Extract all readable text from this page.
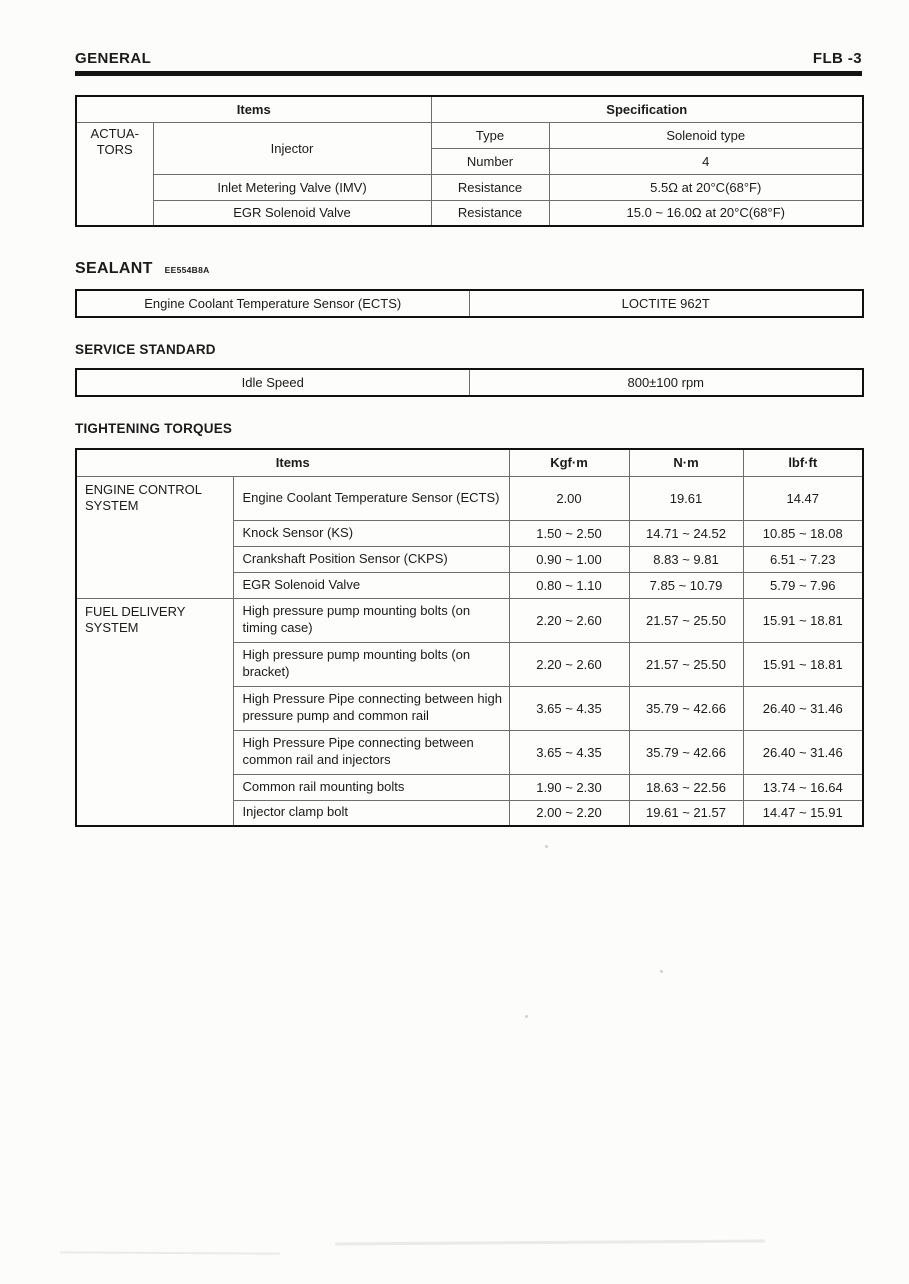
GENERAL	FLB -3
Items		Specification	

ACTUA-
TORS	Injector	Type	Solenoid type
		Number	4
	Inlet Metering Valve (IMV)	Resistance	5.5Ω at 20°C(68°F)
	EGR Solenoid Valve	Resistance	15.0 ~ 16.0Ω at 20°C(68°F)
SEALANT EE554B8A
Engine Coolant Temperature Sensor (ECTS)	LOCTITE 962T
SERVICE STANDARD
Idle Speed	800±100 rpm
TIGHTENING TORQUES
Items		Kgf·m	N·m	lbf·ft
ENGINE CONTROL SYSTEM	Engine Coolant Temperature Sensor (ECTS)	2.00	19.61	14.47
	Knock Sensor (KS)	1.50 ~ 2.50	14.71 ~ 24.52	10.85 ~ 18.08
	Crankshaft Position Sensor (CKPS)	0.90 ~ 1.00	8.83 ~ 9.81	6.51 ~ 7.23
	EGR Solenoid Valve	0.80 ~ 1.10	7.85 ~ 10.79	5.79 ~ 7.96
FUEL DELIVERY SYSTEM	High pressure pump mounting bolts (on timing case)	2.20 ~ 2.60	21.57 ~ 25.50	15.91 ~ 18.81
	High pressure pump mounting bolts (on bracket)	2.20 ~ 2.60	21.57 ~ 25.50	15.91 ~ 18.81
	High Pressure Pipe connecting between high pressure pump and common rail	3.65 ~ 4.35	35.79 ~ 42.66	26.40 ~ 31.46
	High Pressure Pipe connecting between common rail and injectors	3.65 ~ 4.35	35.79 ~ 42.66	26.40 ~ 31.46
	Common rail mounting bolts	1.90 ~ 2.30	18.63 ~ 22.56	13.74 ~ 16.64
	Injector clamp bolt	2.00 ~ 2.20	19.61 ~ 21.57	14.47 ~ 15.91
